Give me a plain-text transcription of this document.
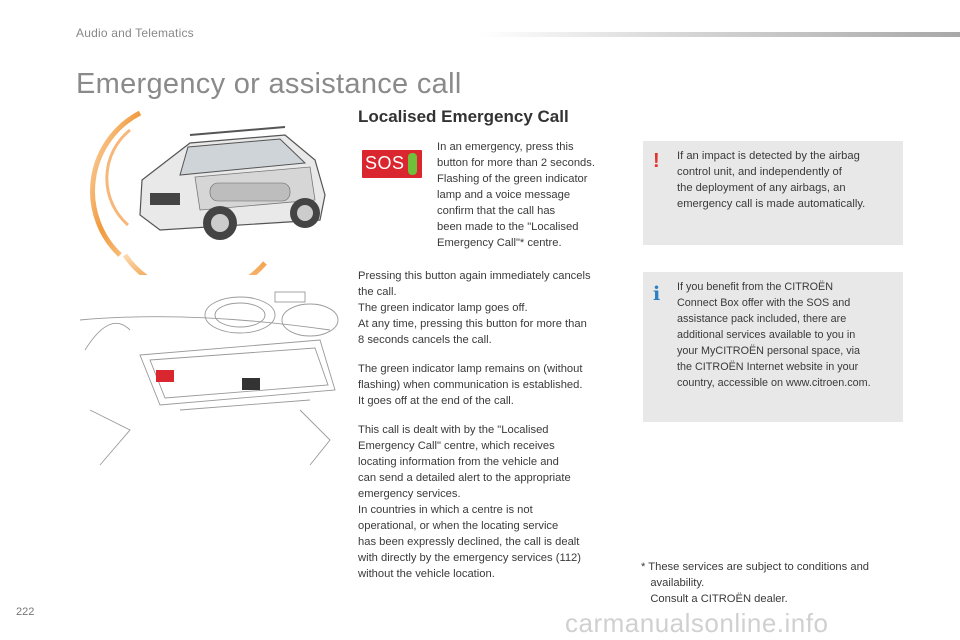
Audio and Telematics
Emergency or assistance call
Localised Emergency Call
SOS

In an emergency, press this
button for more than 2 seconds.
Flashing of the green indicator
lamp and a voice message
confirm that the call has
been made to the "Localised
Emergency Call"* centre.

Pressing this button again immediately cancels
the call.
The green indicator lamp goes off.
At any time, pressing this button for more than
8 seconds cancels the call.

The green indicator lamp remains on (without
flashing) when communication is established.
It goes off at the end of the call.

This call is dealt with by the "Localised
Emergency Call" centre, which receives
locating information from the vehicle and
can send a detailed alert to the appropriate
emergency services.
In countries in which a centre is not
operational, or when the locating service
has been expressly declined, the call is dealt
with directly by the emergency services (112)
without the vehicle location.

! If an impact is detected by the airbag
control unit, and independently of
the deployment of any airbags, an
emergency call is made automatically.

i If you benefit from the CITROËN
Connect Box offer with the SOS and
assistance pack included, there are
additional services available to you in
your MyCITROËN personal space, via
the CITROËN Internet website in your
country, accessible on www.citroen.com.

* These services are subject to conditions and
availability.
Consult a CITROËN dealer.

222	carmanualsonline.info
